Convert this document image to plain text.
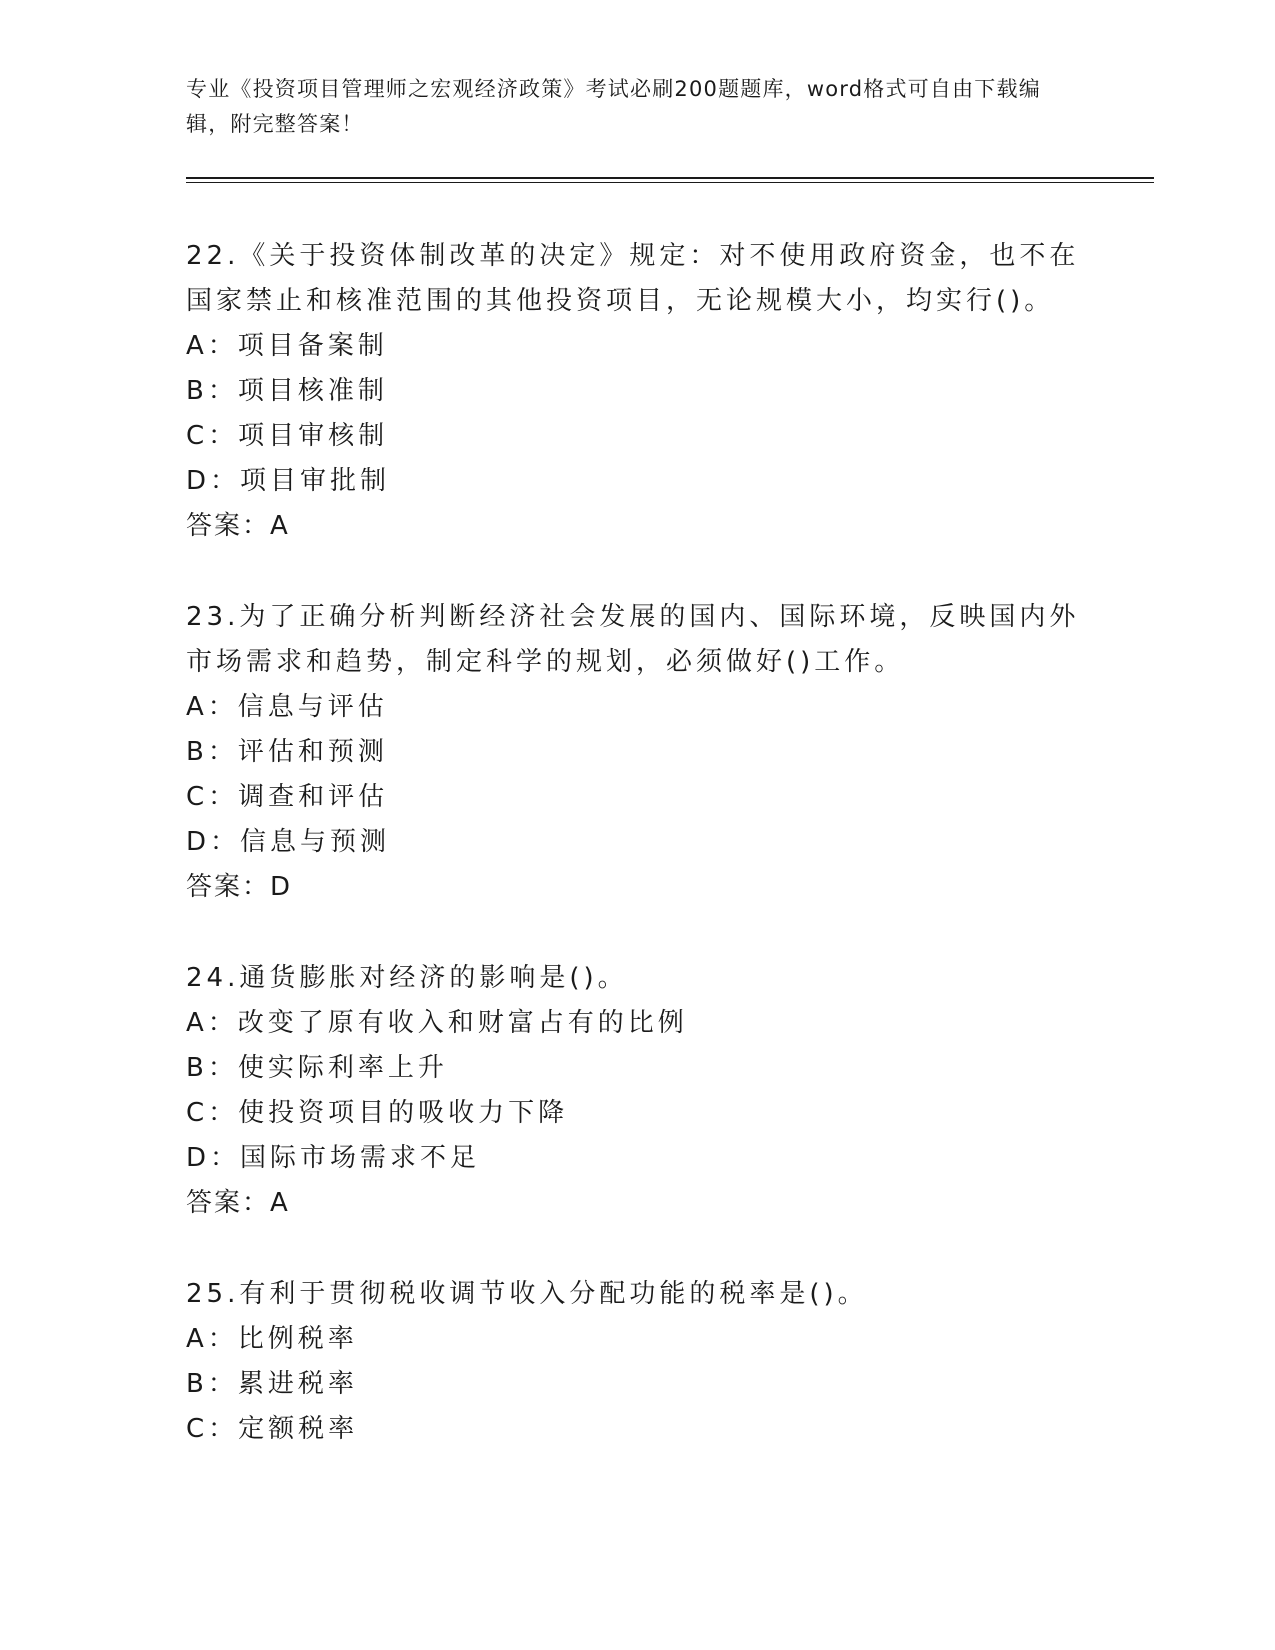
专业《投资项目管理师之宏观经济政策》考试必刷200题题库，word格式可自由下载编辑，附完整答案！

22.《关于投资体制改革的决定》规定：对不使用政府资金，也不在国家禁止和核准范围的其他投资项目，无论规模大小，均实行()。

A：项目备案制

B：项目核准制

C：项目审核制

D：项目审批制

答案：A

23.为了正确分析判断经济社会发展的国内、国际环境，反映国内外市场需求和趋势，制定科学的规划，必须做好()工作。

A：信息与评估

B：评估和预测

C：调查和评估

D：信息与预测

答案：D

24.通货膨胀对经济的影响是()。

A：改变了原有收入和财富占有的比例

B：使实际利率上升

C：使投资项目的吸收力下降

D：国际市场需求不足

答案：A

25.有利于贯彻税收调节收入分配功能的税率是()。

A：比例税率

B：累进税率

C：定额税率
